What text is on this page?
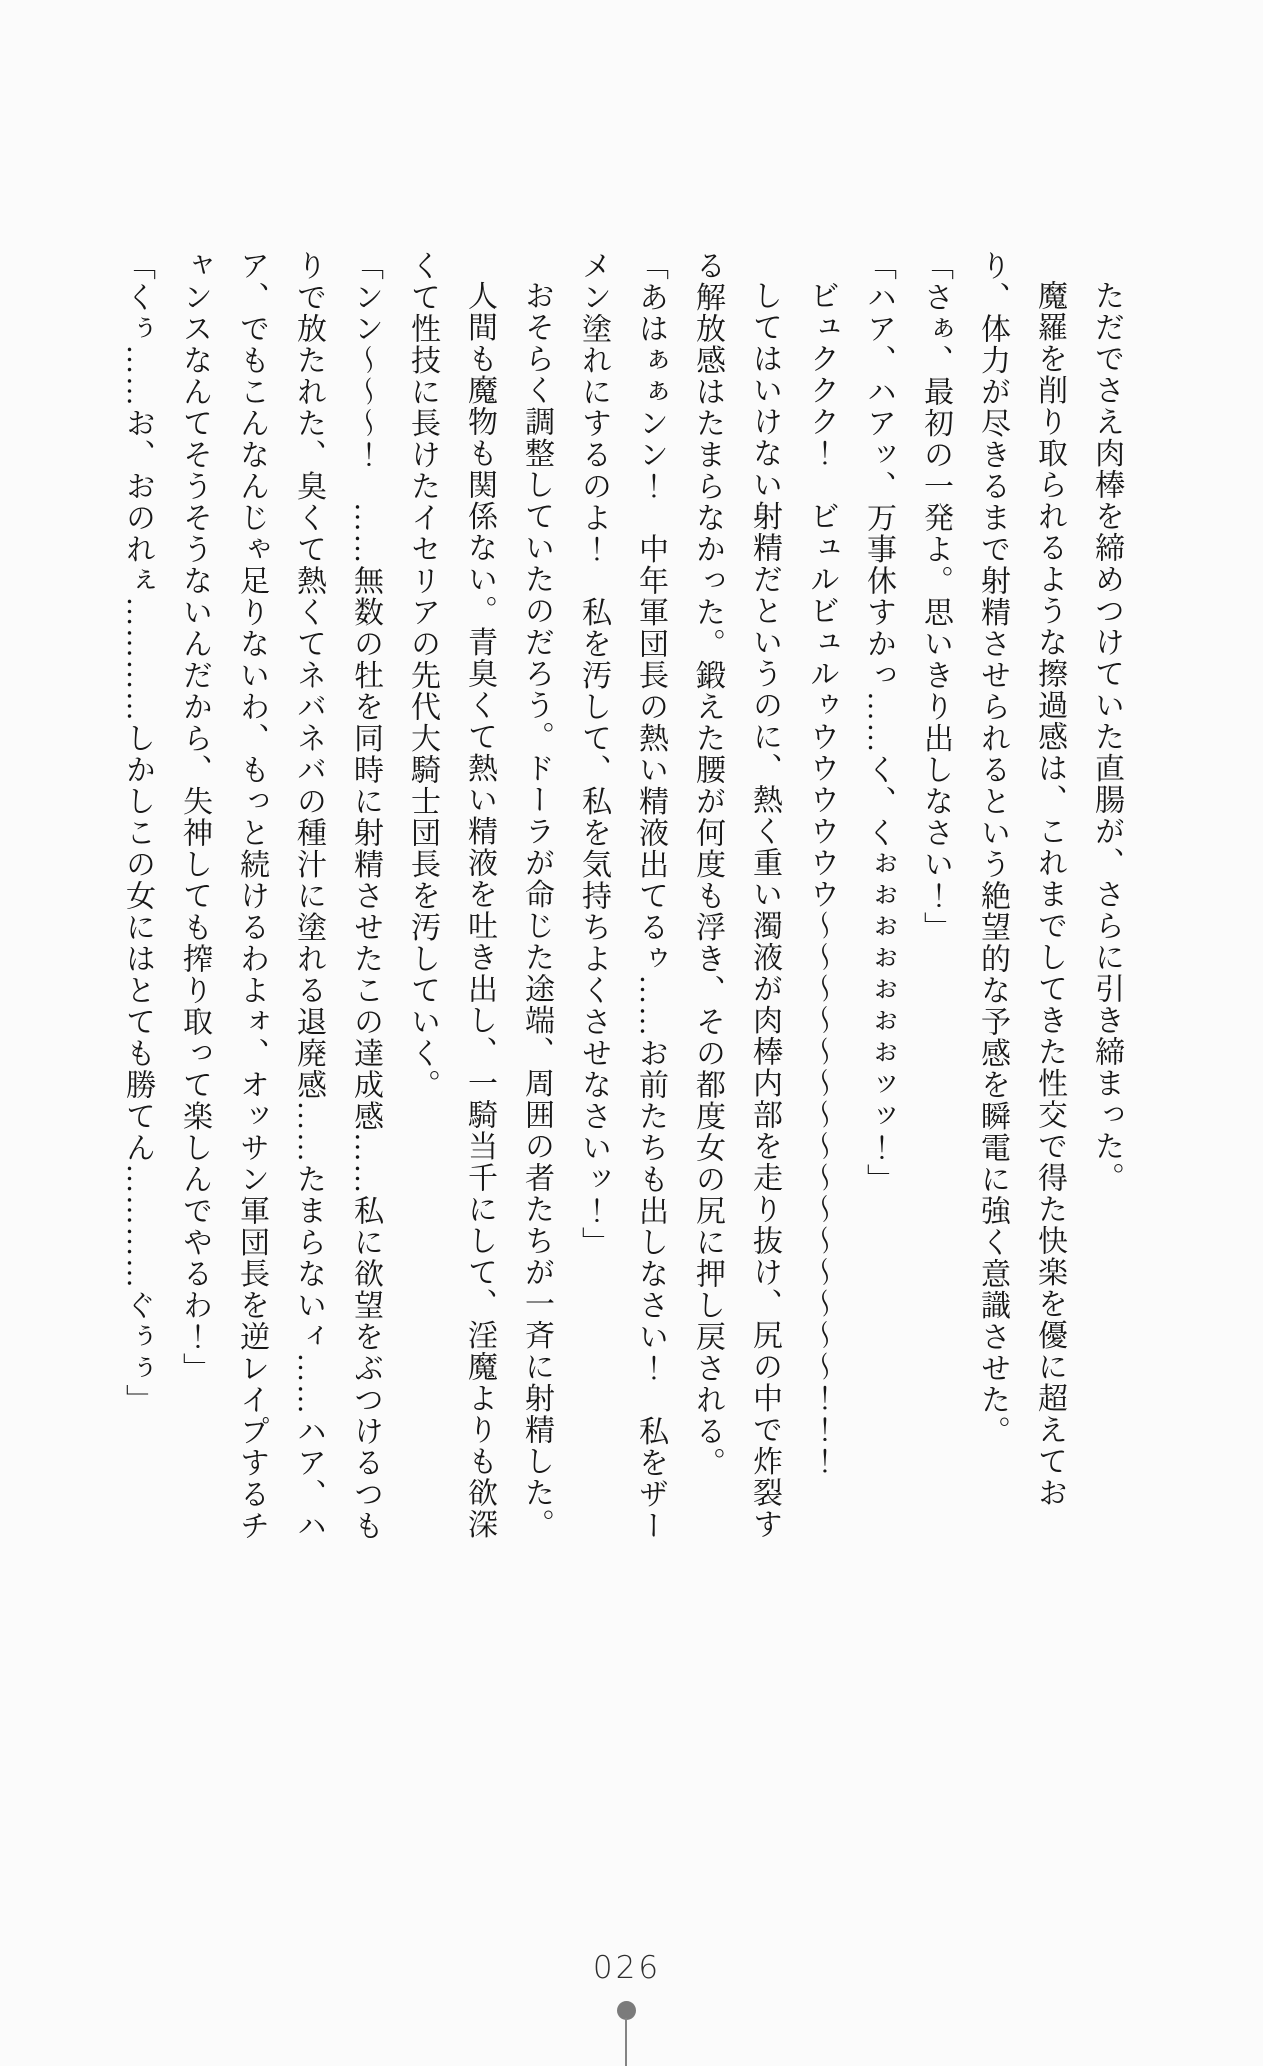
ただでさえ肉棒を締めつけていた直腸が、さらに引き締まった。

魔羅を削り取られるような擦過感は、これまでしてきた性交で得た快楽を優に超えており、体力が尽きるまで射精させられるという絶望的な予感を瞬電に強く意識させた。

「さぁ、最初の一発よ。思いきり出しなさい！」

「ハア、ハアッ、万事休すかっ……く、くぉぉぉぉぉぉぉッッ！」

ビュククク！　ビュルビュルゥウウウウウウ〜〜〜〜〜〜〜〜〜〜〜〜〜〜〜！！！

してはいけない射精だというのに、熱く重い濁液が肉棒内部を走り抜け、尻の中で炸裂する解放感はたまらなかった。鍛えた腰が何度も浮き、その都度女の尻に押し戻される。

「あはぁぁンン！　中年軍団長の熱い精液出てるゥ……お前たちも出しなさい！　私をザーメン塗れにするのよ！　私を汚して、私を気持ちよくさせなさいッ！」

おそらく調整していたのだろう。ドーラが命じた途端、周囲の者たちが一斉に射精した。

人間も魔物も関係ない。青臭くて熱い精液を吐き出し、一騎当千にして、淫魔よりも欲深くて性技に長けたイセリアの先代大騎士団長を汚していく。

「ンン〜〜〜！　……無数の牡を同時に射精させたこの達成感……私に欲望をぶつけるつもりで放たれた、臭くて熱くてネバネバの種汁に塗れる退廃感……たまらないィ……ハア、ハア、でもこんなんじゃ足りないわ、もっと続けるわよォ、オッサン軍団長を逆レイプするチャンスなんてそうそうないんだから、失神しても搾り取って楽しんでやるわ！」

「くぅ……お、おのれぇ…………しかしこの女にはとても勝てん…………ぐぅぅ」

026
